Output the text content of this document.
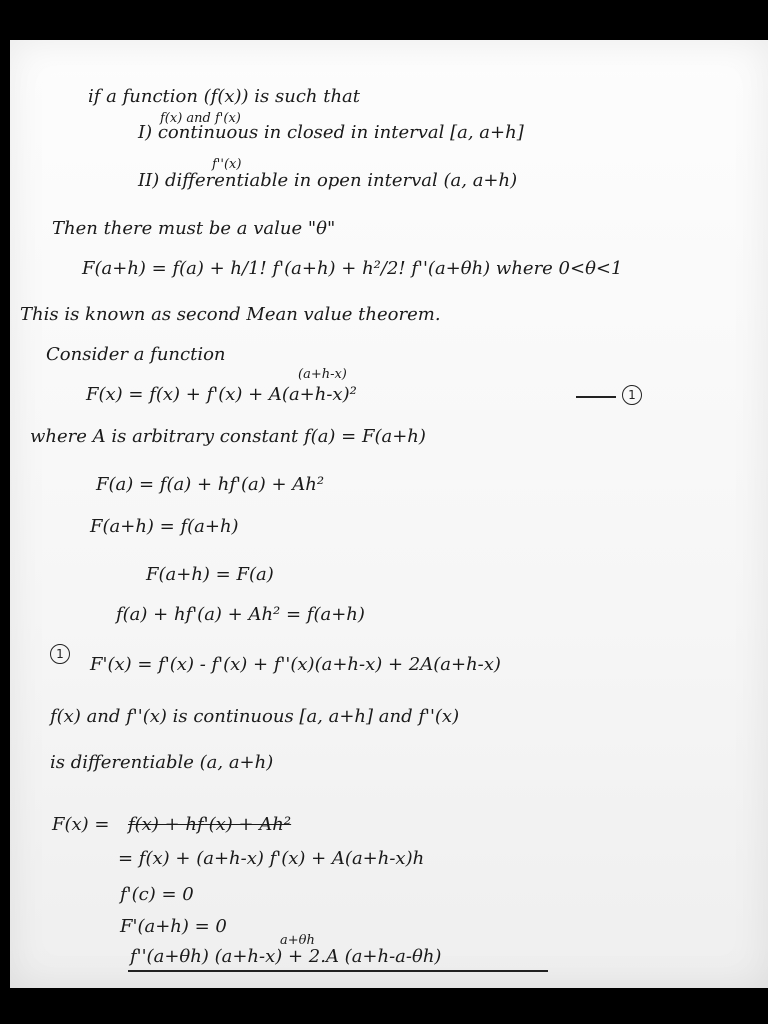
if a function (f(x)) is such that
f(x) and f'(x)
I) continuous in closed in interval [a, a+h]
f''(x)
II) differentiable in open interval (a, a+h)
Then there must be a value "θ"
F(a+h) = f(a) + h/1! f'(a+h) + h²/2! f''(a+θh) where 0<θ<1
This is known as second Mean value theorem.
Consider a function
(a+h-x)
F(x) = f(x) + f'(x) + A(a+h-x)²	1
where A is arbitrary constant f(a) = F(a+h)
F(a) = f(a) + hf'(a) + Ah²
F(a+h) = f(a+h)
F(a+h) = F(a)
f(a) + hf'(a) + Ah² = f(a+h)
1	F'(x) = f'(x) - f'(x) + f''(x)(a+h-x) + 2A(a+h-x)
f(x) and f''(x) is continuous [a, a+h] and f''(x)
is differentiable (a, a+h)
F(x) = f(x) + hf'(x) + Ah²
= f(x) + (a+h-x) f'(x) + A(a+h-x)h
f'(c) = 0
F'(a+h) = 0
a+θh
f''(a+θh) (a+h-x) + 2.A (a+h-a-θh)
